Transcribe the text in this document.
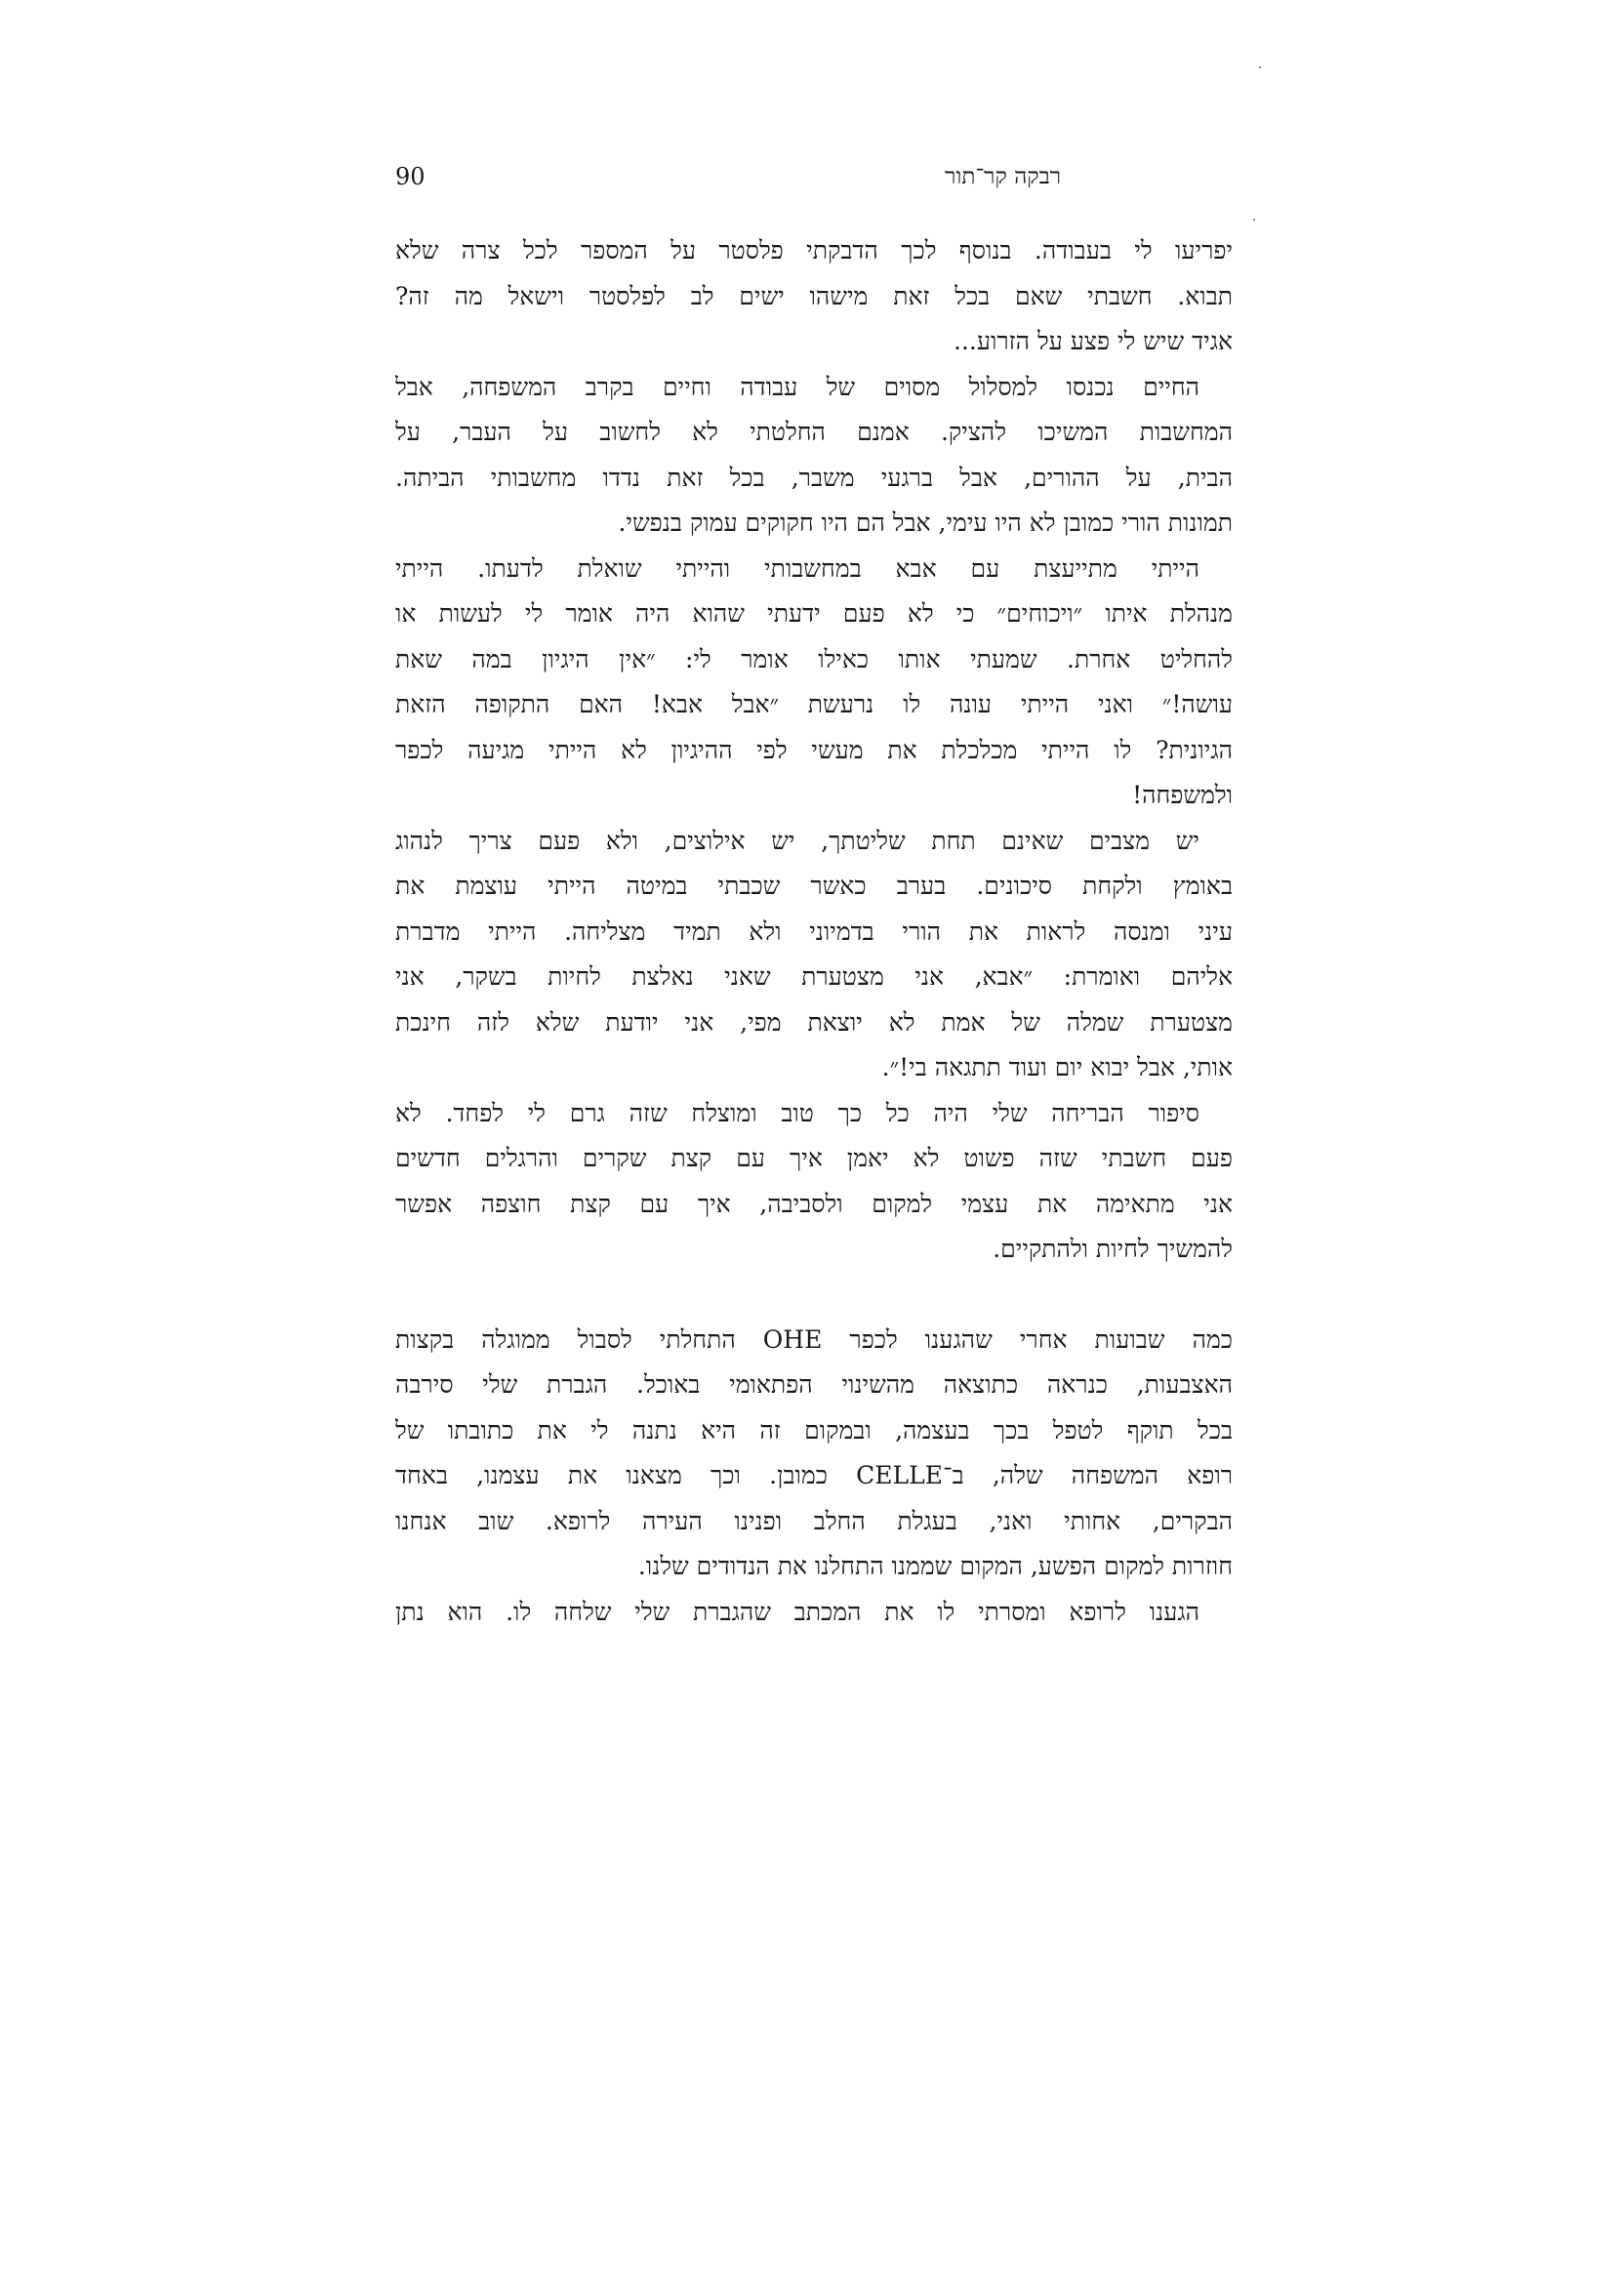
רבקה קר־תור
90
יפריעו לי בעבודה. בנוסף לכך הדבקתי פלסטר על המספר לכל צרה שלא
תבוא. חשבתי שאם בכל זאת מישהו ישים לב לפלסטר וישאל מה זה?
אגיד שיש לי פצע על הזרוע...
החיים נכנסו למסלול מסוים של עבודה וחיים בקרב המשפחה, אבל
המחשבות המשיכו להציק. אמנם החלטתי לא לחשוב על העבר, על
הבית, על ההורים, אבל ברגעי משבר, בכל זאת נדדו מחשבותי הביתה.
תמונות הורי כמובן לא היו עימי, אבל הם היו חקוקים עמוק בנפשי.
הייתי מתייעצת עם אבא במחשבותי והייתי שואלת לדעתו. הייתי
מנהלת איתו ״ויכוחים״ כי לא פעם ידעתי שהוא היה אומר לי לעשות או
להחליט אחרת. שמעתי אותו כאילו אומר לי: ״אין היגיון במה שאת
עושה!״ ואני הייתי עונה לו נרעשת ״אבל אבא! האם התקופה הזאת
הגיונית? לו הייתי מכלכלת את מעשי לפי ההיגיון לא הייתי מגיעה לכפר
ולמשפחה!
יש מצבים שאינם תחת שליטתך, יש אילוצים, ולא פעם צריך לנהוג
באומץ ולקחת סיכונים. בערב כאשר שכבתי במיטה הייתי עוצמת את
עיני ומנסה לראות את הורי בדמיוני ולא תמיד מצליחה. הייתי מדברת
אליהם ואומרת: ״אבא, אני מצטערת שאני נאלצת לחיות בשקר, אני
מצטערת שמלה של אמת לא יוצאת מפי, אני יודעת שלא לזה חינכת
אותי, אבל יבוא יום ועוד תתגאה בי!״.
סיפור הבריחה שלי היה כל כך טוב ומוצלח שזה גרם לי לפחד. לא
פעם חשבתי שזה פשוט לא יאמן איך עם קצת שקרים והרגלים חדשים
אני מתאימה את עצמי למקום ולסביבה, איך עם קצת חוצפה אפשר
להמשיך לחיות ולהתקיים.
כמה שבועות אחרי שהגענו לכפר OHE התחלתי לסבול ממוגלה בקצות
האצבעות, כנראה כתוצאה מהשינוי הפתאומי באוכל. הגברת שלי סירבה
בכל תוקף לטפל בכך בעצמה, ובמקום זה היא נתנה לי את כתובתו של
רופא המשפחה שלה, ב־CELLE כמובן. וכך מצאנו את עצמנו, באחד
הבקרים, אחותי ואני, בעגלת החלב ופנינו העירה לרופא. שוב אנחנו
חוזרות למקום הפשע, המקום שממנו התחלנו את הנדודים שלנו.
הגענו לרופא ומסרתי לו את המכתב שהגברת שלי שלחה לו. הוא נתן
